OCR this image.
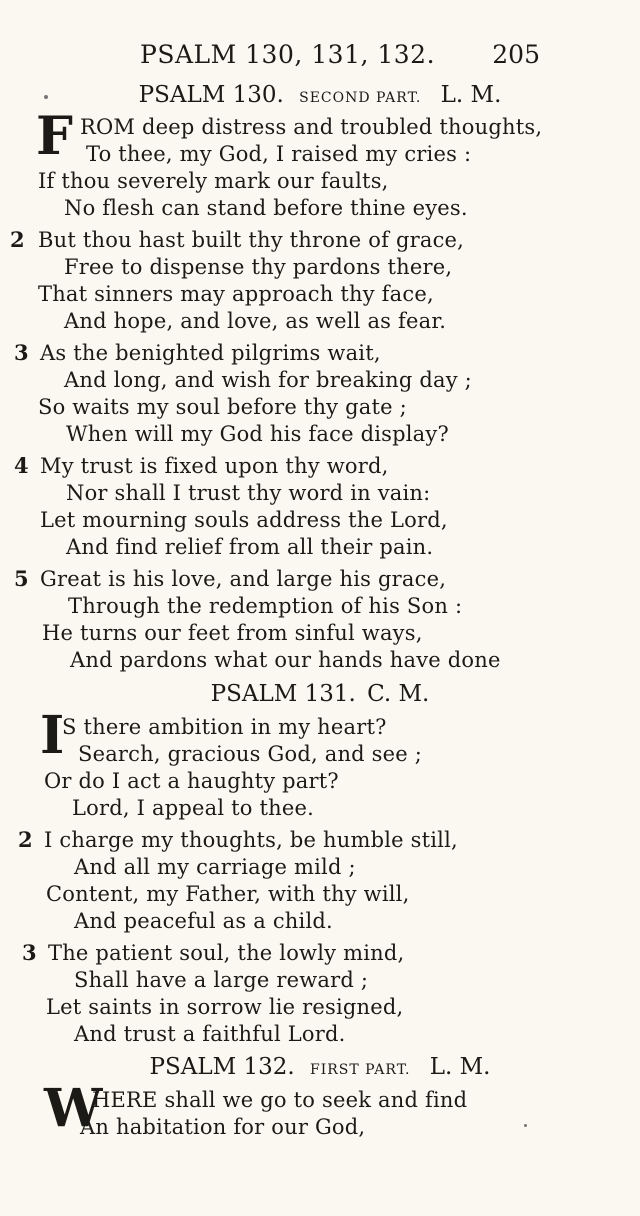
PSALM 130, 131, 132. 205
PSALM 130. SECOND PART. L. M.
F ROM deep distress and troubled thoughts,
To thee, my God, I raised my cries :
If thou severely mark our faults,
No flesh can stand before thine eyes.
2 But thou hast built thy throne of grace,
Free to dispense thy pardons there,
That sinners may approach thy face,
And hope, and love, as well as fear.
3 As the benighted pilgrims wait,
And long, and wish for breaking day ;
So waits my soul before thy gate ;
When will my God his face display?
4 My trust is fixed upon thy word,
Nor shall I trust thy word in vain:
Let mourning souls address the Lord,
And find relief from all their pain.
5 Great is his love, and large his grace,
Through the redemption of his Son :
He turns our feet from sinful ways,
And pardons what our hands have done
PSALM 131. C. M.
I
S there ambition in my heart?
Search, gracious God, and see ;
Or do I act a haughty part?
Lord, I appeal to thee.
2 I charge my thoughts, be humble still,
And all my carriage mild ;
Content, my Father, with thy will,
And peaceful as a child.
3 The patient soul, the lowly mind,
Shall have a large reward ;
Let saints in sorrow lie resigned,
And trust a faithful Lord.
PSALM 132. FIRST PART. L. M.
W
HERE shall we go to seek and find
An habitation for our God,
